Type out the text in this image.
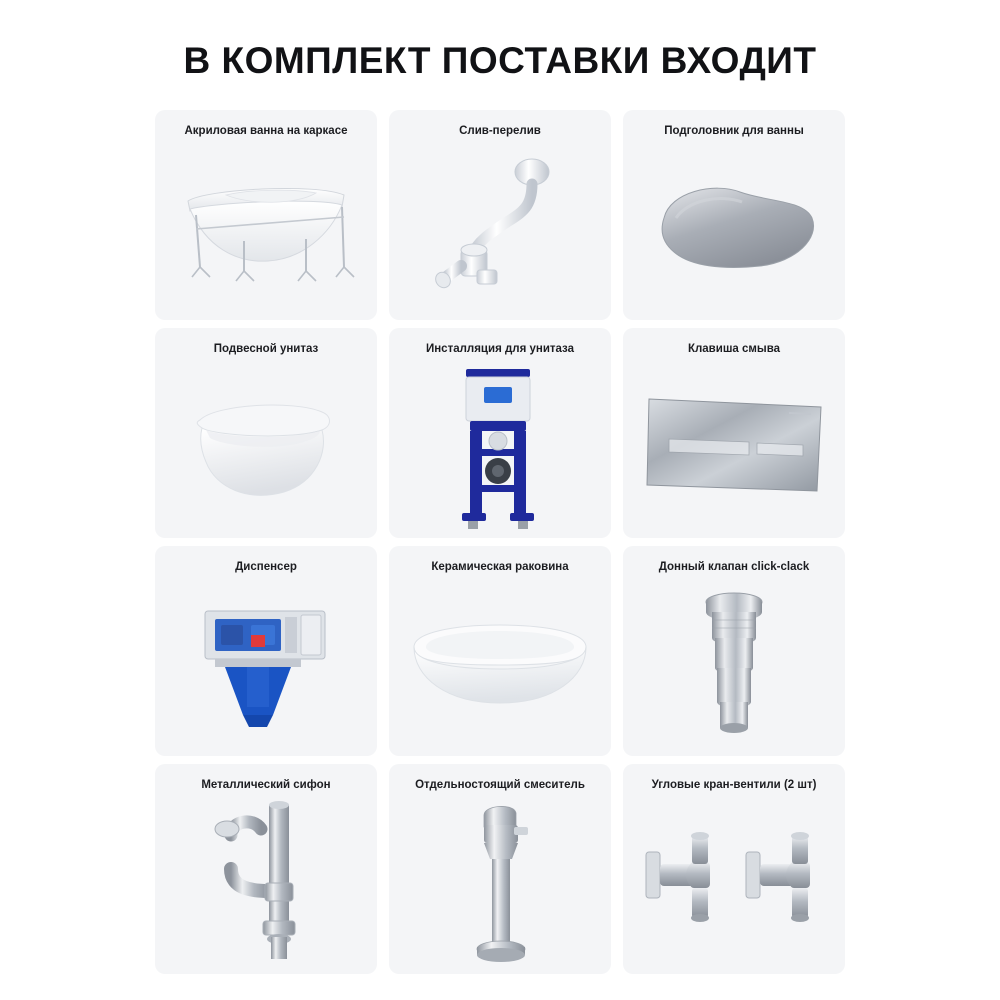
В КОМПЛЕКТ ПОСТАВКИ ВХОДИТ
Акриловая ванна на каркасе	Слив-перелив	Подголовник для ванны
Подвесной унитаз	Инсталляция для унитаза	Клавиша смыва
Диспенсер	Керамическая раковина	Донный клапан click-clack
Металлический сифон	Отдельностоящий смеситель	Угловые кран-вентили (2 шт)
